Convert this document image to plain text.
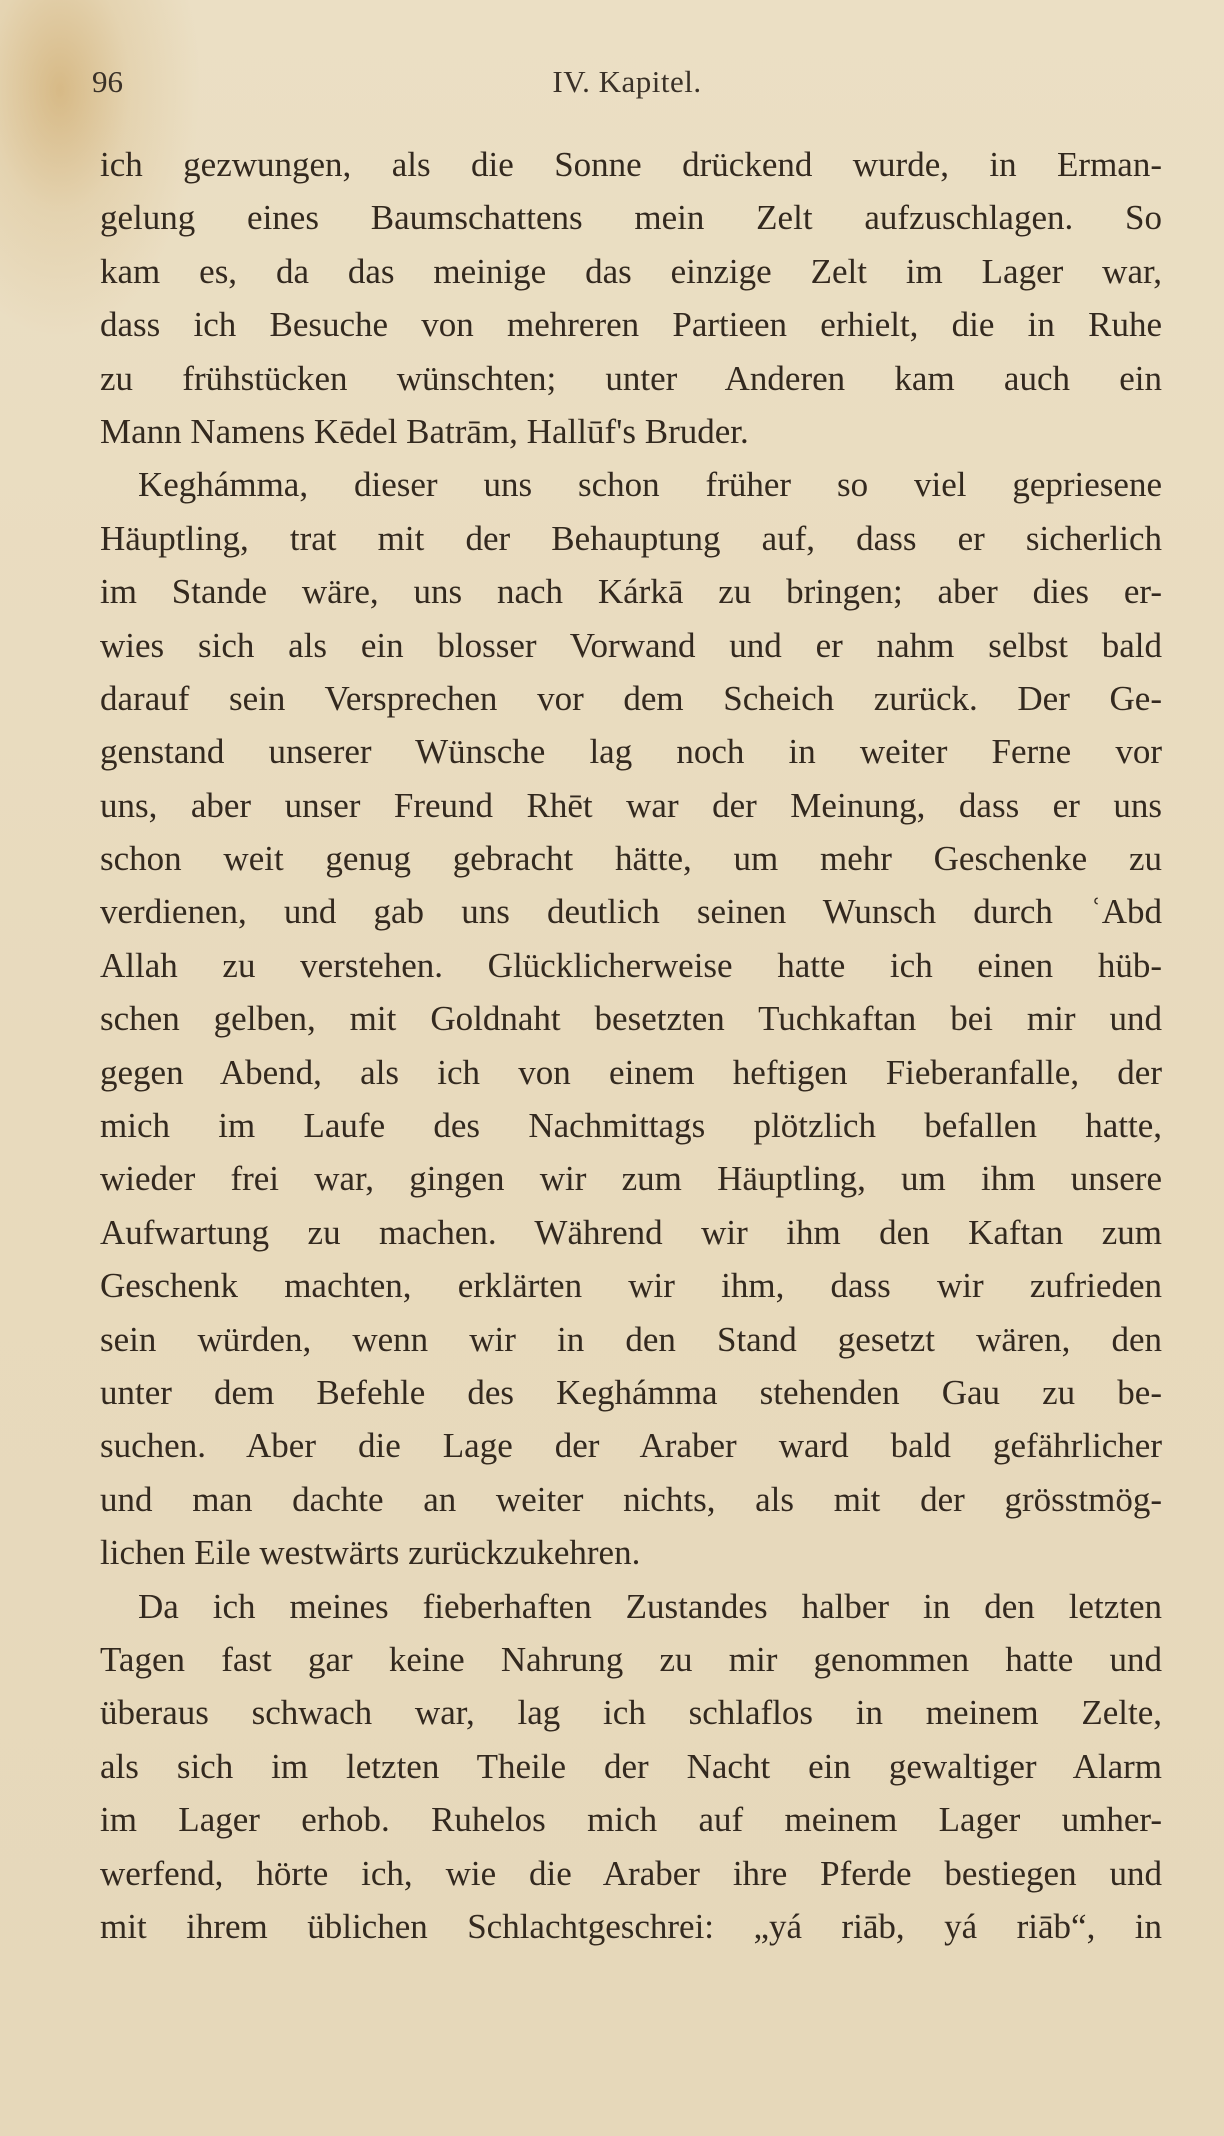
96	IV. Kapitel.
ich gezwungen, als die Sonne drückend wurde, in Erman-
gelung eines Baumschattens mein Zelt aufzuschlagen. So
kam es, da das meinige das einzige Zelt im Lager war,
dass ich Besuche von mehreren Partieen erhielt, die in Ruhe
zu frühstücken wünschten; unter Anderen kam auch ein
Mann Namens Kēdel Batrām, Hallūf's Bruder.
Keghámma, dieser uns schon früher so viel gepriesene
Häuptling, trat mit der Behauptung auf, dass er sicherlich
im Stande wäre, uns nach Kárkā zu bringen; aber dies er-
wies sich als ein blosser Vorwand und er nahm selbst bald
darauf sein Versprechen vor dem Scheich zurück. Der Ge-
genstand unserer Wünsche lag noch in weiter Ferne vor
uns, aber unser Freund Rhēt war der Meinung, dass er uns
schon weit genug gebracht hätte, um mehr Geschenke zu
verdienen, und gab uns deutlich seinen Wunsch durch ʿAbd
Allah zu verstehen. Glücklicherweise hatte ich einen hüb-
schen gelben, mit Goldnaht besetzten Tuchkaftan bei mir und
gegen Abend, als ich von einem heftigen Fieberanfalle, der
mich im Laufe des Nachmittags plötzlich befallen hatte,
wieder frei war, gingen wir zum Häuptling, um ihm unsere
Aufwartung zu machen. Während wir ihm den Kaftan zum
Geschenk machten, erklärten wir ihm, dass wir zufrieden
sein würden, wenn wir in den Stand gesetzt wären, den
unter dem Befehle des Keghámma stehenden Gau zu be-
suchen. Aber die Lage der Araber ward bald gefährlicher
und man dachte an weiter nichts, als mit der grösstmög-
lichen Eile westwärts zurückzukehren.
Da ich meines fieberhaften Zustandes halber in den letzten
Tagen fast gar keine Nahrung zu mir genommen hatte und
überaus schwach war, lag ich schlaflos in meinem Zelte,
als sich im letzten Theile der Nacht ein gewaltiger Alarm
im Lager erhob. Ruhelos mich auf meinem Lager umher-
werfend, hörte ich, wie die Araber ihre Pferde bestiegen und
mit ihrem üblichen Schlachtgeschrei: „yá riāb, yá riāb“, in
